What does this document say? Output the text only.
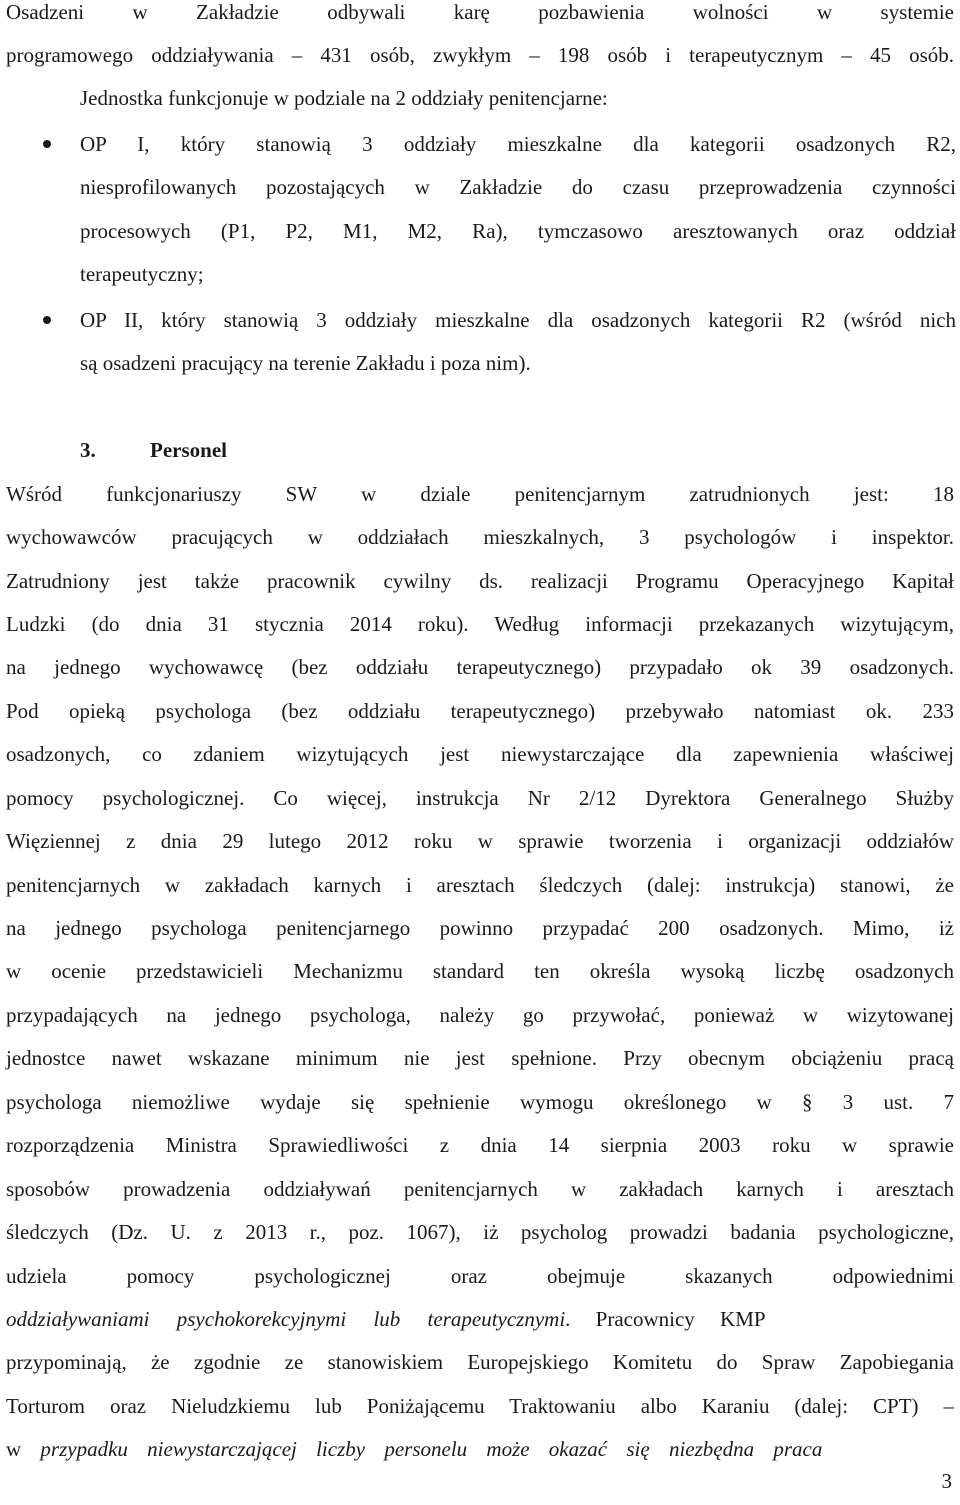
Osadzeni w Zakładzie odbywali karę pozbawienia wolności w systemie
programowego oddziaływania – 431 osób, zwykłym – 198 osób i terapeutycznym – 45 osób.
Jednostka funkcjonuje w podziale na 2 oddziały penitencjarne:
OP I, który stanowią 3 oddziały mieszkalne dla kategorii osadzonych R2,
niesprofilowanych pozostających w Zakładzie do czasu przeprowadzenia czynności
procesowych (P1, P2, M1, M2, Ra), tymczasowo aresztowanych oraz oddział
terapeutyczny;
OP II, który stanowią 3 oddziały mieszkalne dla osadzonych kategorii R2 (wśród nich
są osadzeni pracujący na terenie Zakładu i poza nim).
3.	Personel
Wśród funkcjonariuszy SW w dziale penitencjarnym zatrudnionych jest: 18
wychowawców pracujących w oddziałach mieszkalnych, 3 psychologów i inspektor.
Zatrudniony jest także pracownik cywilny ds. realizacji Programu Operacyjnego Kapitał
Ludzki (do dnia 31 stycznia 2014 roku). Według informacji przekazanych wizytującym,
na jednego wychowawcę (bez oddziału terapeutycznego) przypadało ok 39 osadzonych.
Pod opieką psychologa (bez oddziału terapeutycznego) przebywało natomiast ok. 233
osadzonych, co zdaniem wizytujących jest niewystarczające dla zapewnienia właściwej
pomocy psychologicznej. Co więcej, instrukcja Nr 2/12 Dyrektora Generalnego Służby
Więziennej z dnia 29 lutego 2012 roku w sprawie tworzenia i organizacji oddziałów
penitencjarnych w zakładach karnych i aresztach śledczych (dalej: instrukcja) stanowi, że
na jednego psychologa penitencjarnego powinno przypadać 200 osadzonych. Mimo, iż
w ocenie przedstawicieli Mechanizmu standard ten określa wysoką liczbę osadzonych
przypadających na jednego psychologa, należy go przywołać, ponieważ w wizytowanej
jednostce nawet wskazane minimum nie jest spełnione. Przy obecnym obciążeniu pracą
psychologa niemożliwe wydaje się spełnienie wymogu określonego w § 3 ust. 7
rozporządzenia Ministra Sprawiedliwości z dnia 14 sierpnia 2003 roku w sprawie
sposobów prowadzenia oddziaływań penitencjarnych w zakładach karnych i aresztach
śledczych (Dz. U. z 2013 r., poz. 1067), iż psycholog prowadzi badania psychologiczne,
udziela pomocy psychologicznej oraz obejmuje skazanych odpowiednimi
oddziaływaniami psychokorekcyjnymi lub terapeutycznymi. Pracownicy KMP
przypominają, że zgodnie ze stanowiskiem Europejskiego Komitetu do Spraw Zapobiegania
Torturom oraz Nieludzkiemu lub Poniżającemu Traktowaniu albo Karaniu (dalej: CPT) –
w przypadku niewystarczającej liczby personelu może okazać się niezbędna praca
3
